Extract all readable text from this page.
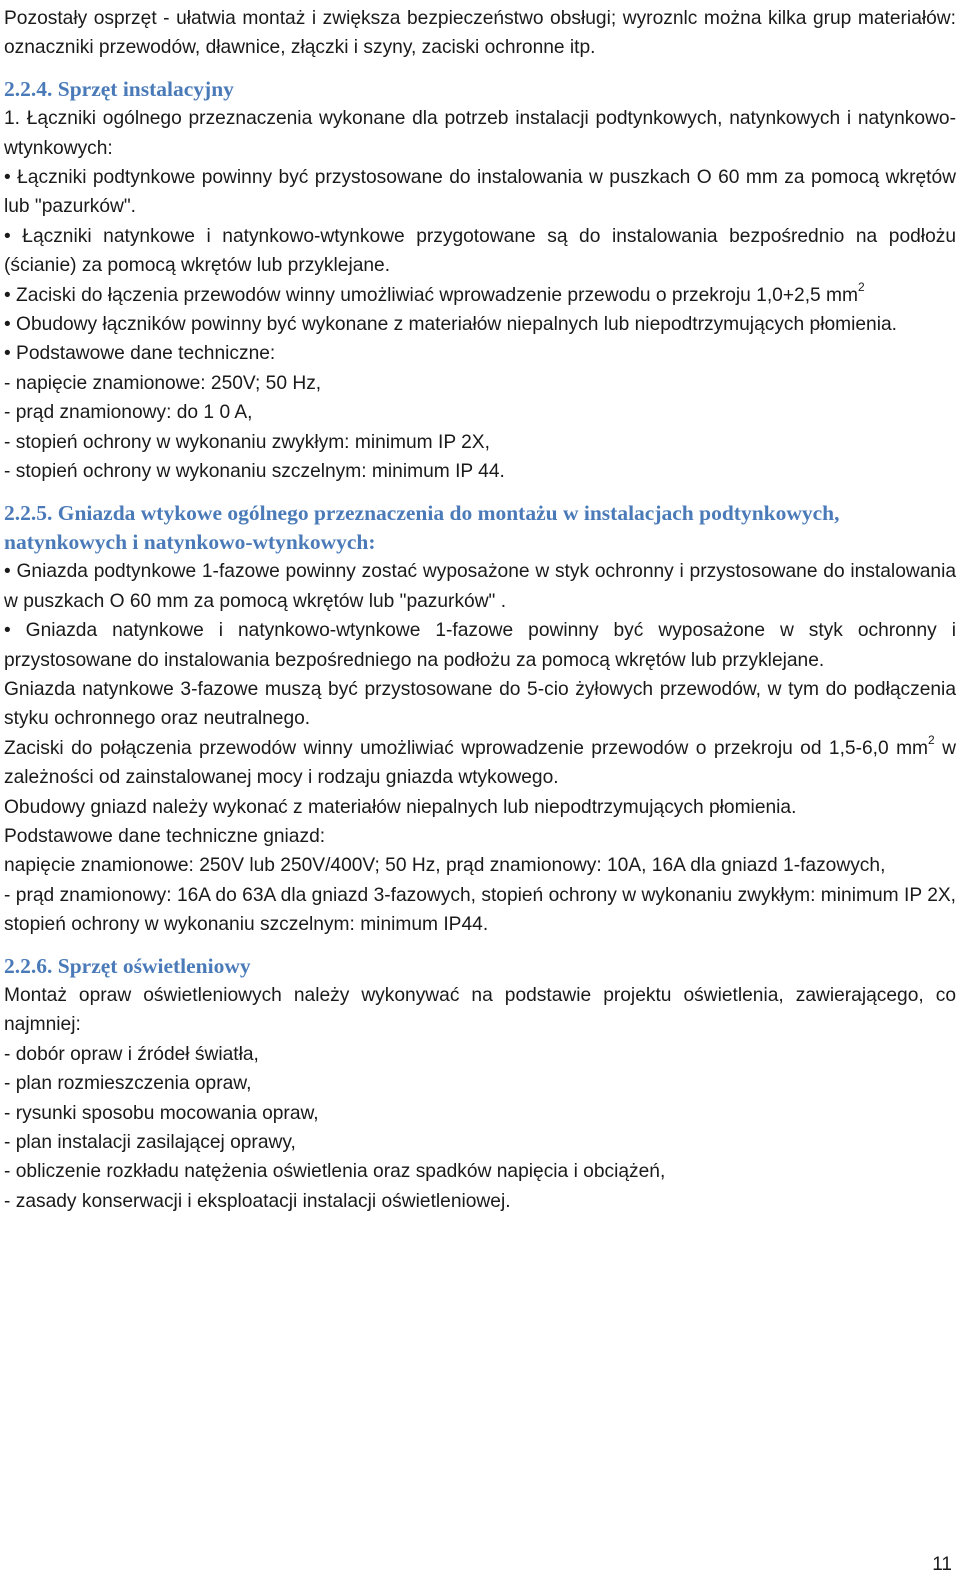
Pozostały osprzęt - ułatwia montaż i zwiększa bezpieczeństwo obsługi; wyroznlc można kilka grup materiałów: oznaczniki przewodów, dławnice, złączki i szyny, zaciski ochronne itp.

2.2.4. Sprzęt instalacyjny

1. Łączniki ogólnego przeznaczenia wykonane dla potrzeb instalacji podtynkowych, natynkowych i natynkowo-wtynkowych:

• Łączniki podtynkowe powinny być przystosowane do instalowania w puszkach O 60 mm za pomocą wkrętów lub "pazurków".

• Łączniki natynkowe i natynkowo-wtynkowe przygotowane są do instalowania bezpośrednio na podłożu (ścianie) za pomocą wkrętów lub przyklejane.

• Zaciski do łączenia przewodów winny umożliwiać wprowadzenie przewodu o przekroju 1,0+2,5 $mm^2$

• Obudowy łączników powinny być wykonane z materiałów niepalnych lub niepodtrzymujących płomienia.

• Podstawowe dane techniczne:

- napięcie znamionowe: 250V; 50 Hz,

- prąd znamionowy: do 1 0 A,

- stopień ochrony w wykonaniu zwykłym: minimum IP 2X,

- stopień ochrony w wykonaniu szczelnym: minimum IP 44.

2.2.5. Gniazda wtykowe ogólnego przeznaczenia do montażu w instalacjach podtynkowych, natynkowych i natynkowo-wtynkowych:

• Gniazda podtynkowe 1-fazowe powinny zostać wyposażone w styk ochronny i przystosowane do instalowania w puszkach O 60 mm za pomocą wkrętów lub "pazurków" .

• Gniazda natynkowe i natynkowo-wtynkowe 1-fazowe powinny być wyposażone w styk ochronny i przystosowane do instalowania bezpośredniego na podłożu za pomocą wkrętów lub przyklejane.

Gniazda natynkowe 3-fazowe muszą być przystosowane do 5-cio żyłowych przewodów, w tym do podłączenia styku ochronnego oraz neutralnego.

Zaciski do połączenia przewodów winny umożliwiać wprowadzenie przewodów o przekroju od 1,5-6,0 $mm^2$ w zależności od zainstalowanej mocy i rodzaju gniazda wtykowego.

Obudowy gniazd należy wykonać z materiałów niepalnych lub niepodtrzymujących płomienia.

Podstawowe dane techniczne gniazd:

napięcie znamionowe: 250V lub 250V/400V; 50 Hz, prąd znamionowy: 10A, 16A dla gniazd 1-fazowych,

- prąd znamionowy: 16A do 63A dla gniazd 3-fazowych, stopień ochrony w wykonaniu zwykłym: minimum IP 2X, stopień ochrony w wykonaniu szczelnym: minimum IP44.

2.2.6. Sprzęt oświetleniowy

Montaż opraw oświetleniowych należy wykonywać na podstawie projektu oświetlenia, zawierającego, co najmniej:

- dobór opraw i źródeł światła,

- plan rozmieszczenia opraw,

- rysunki sposobu mocowania opraw,

- plan instalacji zasilającej oprawy,

- obliczenie rozkładu natężenia oświetlenia oraz spadków napięcia i obciążeń,

- zasady konserwacji i eksploatacji instalacji oświetleniowej.

11
